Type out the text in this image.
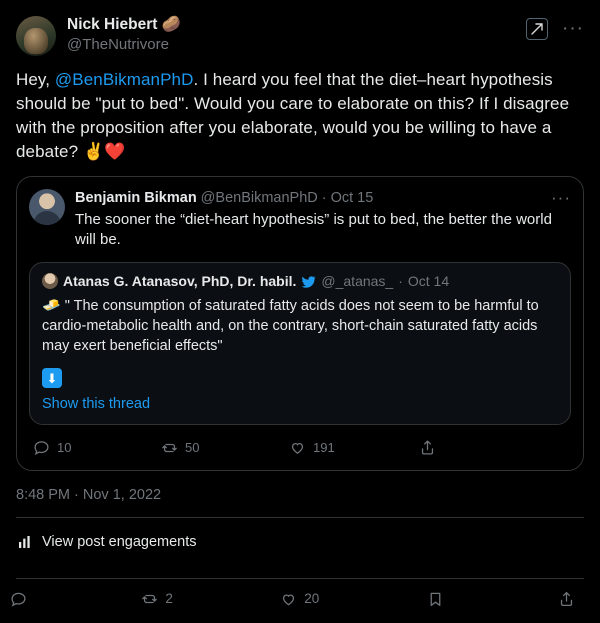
Nick Hiebert 🥔
@TheNutrivore
···
Hey, @BenBikmanPhD. I heard you feel that the diet–heart hypothesis should be "put to bed". Would you care to elaborate on this? If I disagree with the proposition after you elaborate, would you be willing to have a debate? ✌️❤️
Benjamin Bikman @BenBikmanPhD · Oct 15	···
The sooner the “diet-heart hypothesis” is put to bed, the better the world will be.
Atanas G. Atanasov, PhD, Dr. habil. @_atanas_ · Oct 14
🧈 " The consumption of saturated fatty acids does not seem to be harmful to cardio-metabolic health and, on the contrary, short-chain saturated fatty acids may exert beneficial effects"
⬇
Show this thread
10	50	191
8:48 PM · Nov 1, 2022
View post engagements
2	20
